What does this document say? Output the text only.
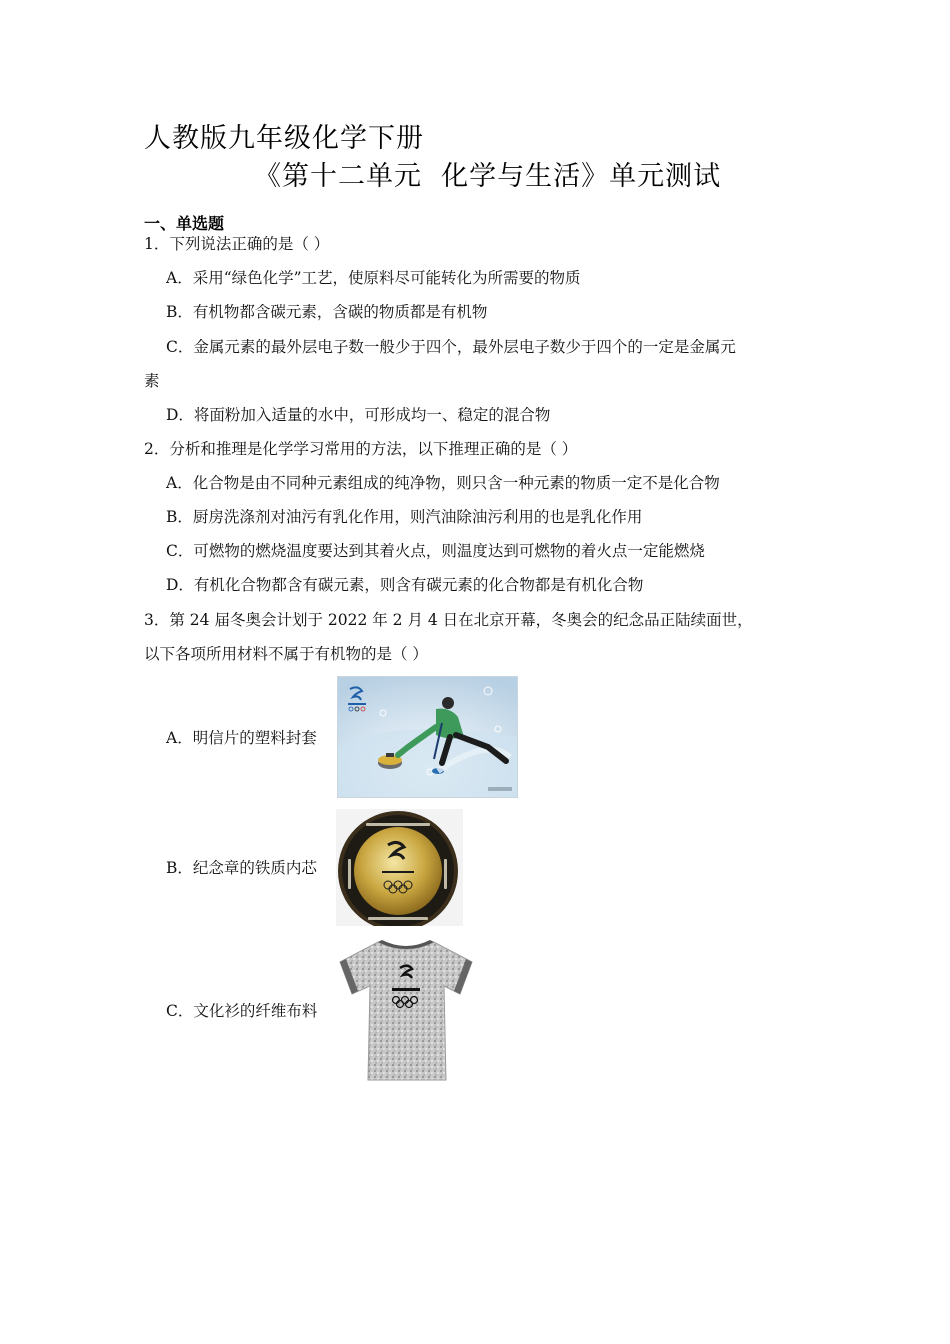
人教版九年级化学下册
《第十二单元  化学与生活》单元测试
一、单选题
1．下列说法正确的是（ ）
A．采用“绿色化学”工艺，使原料尽可能转化为所需要的物质
B．有机物都含碳元素，含碳的物质都是有机物
C．金属元素的最外层电子数一般少于四个，最外层电子数少于四个的一定是金属元
素
D．将面粉加入适量的水中，可形成均一、稳定的混合物
2．分析和推理是化学学习常用的方法，以下推理正确的是（ ）
A．化合物是由不同种元素组成的纯净物，则只含一种元素的物质一定不是化合物
B．厨房洗涤剂对油污有乳化作用，则汽油除油污利用的也是乳化作用
C．可燃物的燃烧温度要达到其着火点，则温度达到可燃物的着火点一定能燃烧
D．有机化合物都含有碳元素，则含有碳元素的化合物都是有机化合物
3．第 24 届冬奥会计划于 2022 年 2 月 4 日在北京开幕，冬奥会的纪念品正陆续面世，
以下各项所用材料不属于有机物的是（ ）
A．明信片的塑料封套
B．纪念章的铁质内芯
C．文化衫的纤维布料
